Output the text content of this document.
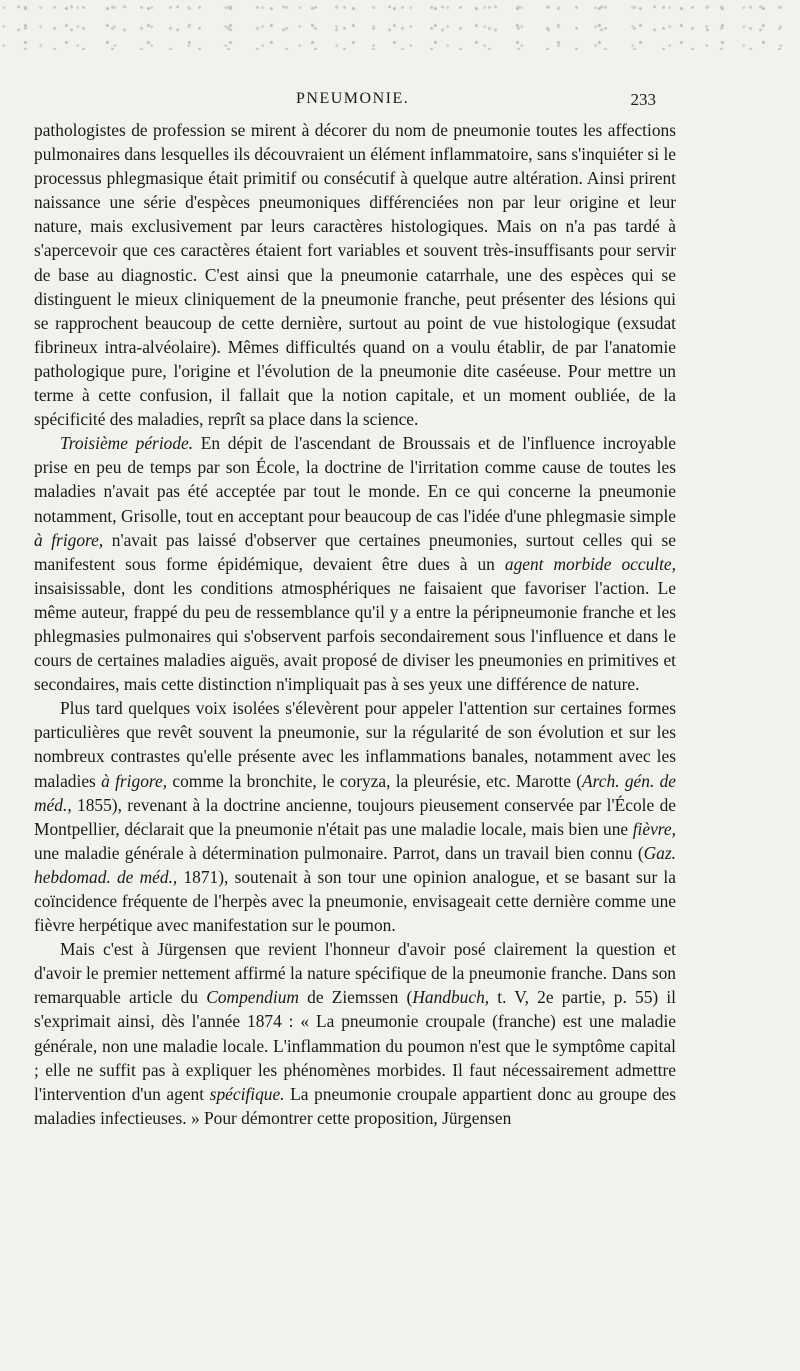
PNEUMONIE.	233

pathologistes de profession se mirent à décorer du nom de pneumonie toutes les affections pulmonaires dans lesquelles ils découvraient un élément inflammatoire, sans s'inquiéter si le processus phlegmasique était primitif ou consécutif à quelque autre altération. Ainsi prirent naissance une série d'espèces pneumoniques différenciées non par leur origine et leur nature, mais exclusivement par leurs caractères histologiques. Mais on n'a pas tardé à s'apercevoir que ces caractères étaient fort variables et souvent très-insuffisants pour servir de base au diagnostic. C'est ainsi que la pneumonie catarrhale, une des espèces qui se distinguent le mieux cliniquement de la pneumonie franche, peut présenter des lésions qui se rapprochent beaucoup de cette dernière, surtout au point de vue histologique (exsudat fibrineux intra-alvéolaire). Mêmes difficultés quand on a voulu établir, de par l'anatomie pathologique pure, l'origine et l'évolution de la pneumonie dite caséeuse. Pour mettre un terme à cette confusion, il fallait que la notion capitale, et un moment oubliée, de la spécificité des maladies, reprît sa place dans la science.

Troisième période. En dépit de l'ascendant de Broussais et de l'influence incroyable prise en peu de temps par son École, la doctrine de l'irritation comme cause de toutes les maladies n'avait pas été acceptée par tout le monde. En ce qui concerne la pneumonie notamment, Grisolle, tout en acceptant pour beaucoup de cas l'idée d'une phlegmasie simple à frigore, n'avait pas laissé d'observer que certaines pneumonies, surtout celles qui se manifestent sous forme épidémique, devaient être dues à un agent morbide occulte, insaisissable, dont les conditions atmosphériques ne faisaient que favoriser l'action. Le même auteur, frappé du peu de ressemblance qu'il y a entre la péripneumonie franche et les phlegmasies pulmonaires qui s'observent parfois secondairement sous l'influence et dans le cours de certaines maladies aiguës, avait proposé de diviser les pneumonies en primitives et secondaires, mais cette distinction n'impliquait pas à ses yeux une différence de nature.

Plus tard quelques voix isolées s'élevèrent pour appeler l'attention sur certaines formes particulières que revêt souvent la pneumonie, sur la régularité de son évolution et sur les nombreux contrastes qu'elle présente avec les inflammations banales, notamment avec les maladies à frigore, comme la bronchite, le coryza, la pleurésie, etc. Marotte (Arch. gén. de méd., 1855), revenant à la doctrine ancienne, toujours pieusement conservée par l'École de Montpellier, déclarait que la pneumonie n'était pas une maladie locale, mais bien une fièvre, une maladie générale à détermination pulmonaire. Parrot, dans un travail bien connu (Gaz. hebdomad. de méd., 1871), soutenait à son tour une opinion analogue, et se basant sur la coïncidence fréquente de l'herpès avec la pneumonie, envisageait cette dernière comme une fièvre herpétique avec manifestation sur le poumon.

Mais c'est à Jürgensen que revient l'honneur d'avoir posé clairement la question et d'avoir le premier nettement affirmé la nature spécifique de la pneumonie franche. Dans son remarquable article du Compendium de Ziemssen (Handbuch, t. V, 2e partie, p. 55) il s'exprimait ainsi, dès l'année 1874 : « La pneumonie croupale (franche) est une maladie générale, non une maladie locale. L'inflammation du poumon n'est que le symptôme capital ; elle ne suffit pas à expliquer les phénomènes morbides. Il faut nécessairement admettre l'intervention d'un agent spécifique. La pneumonie croupale appartient donc au groupe des maladies infectieuses. » Pour démontrer cette proposition, Jürgensen
